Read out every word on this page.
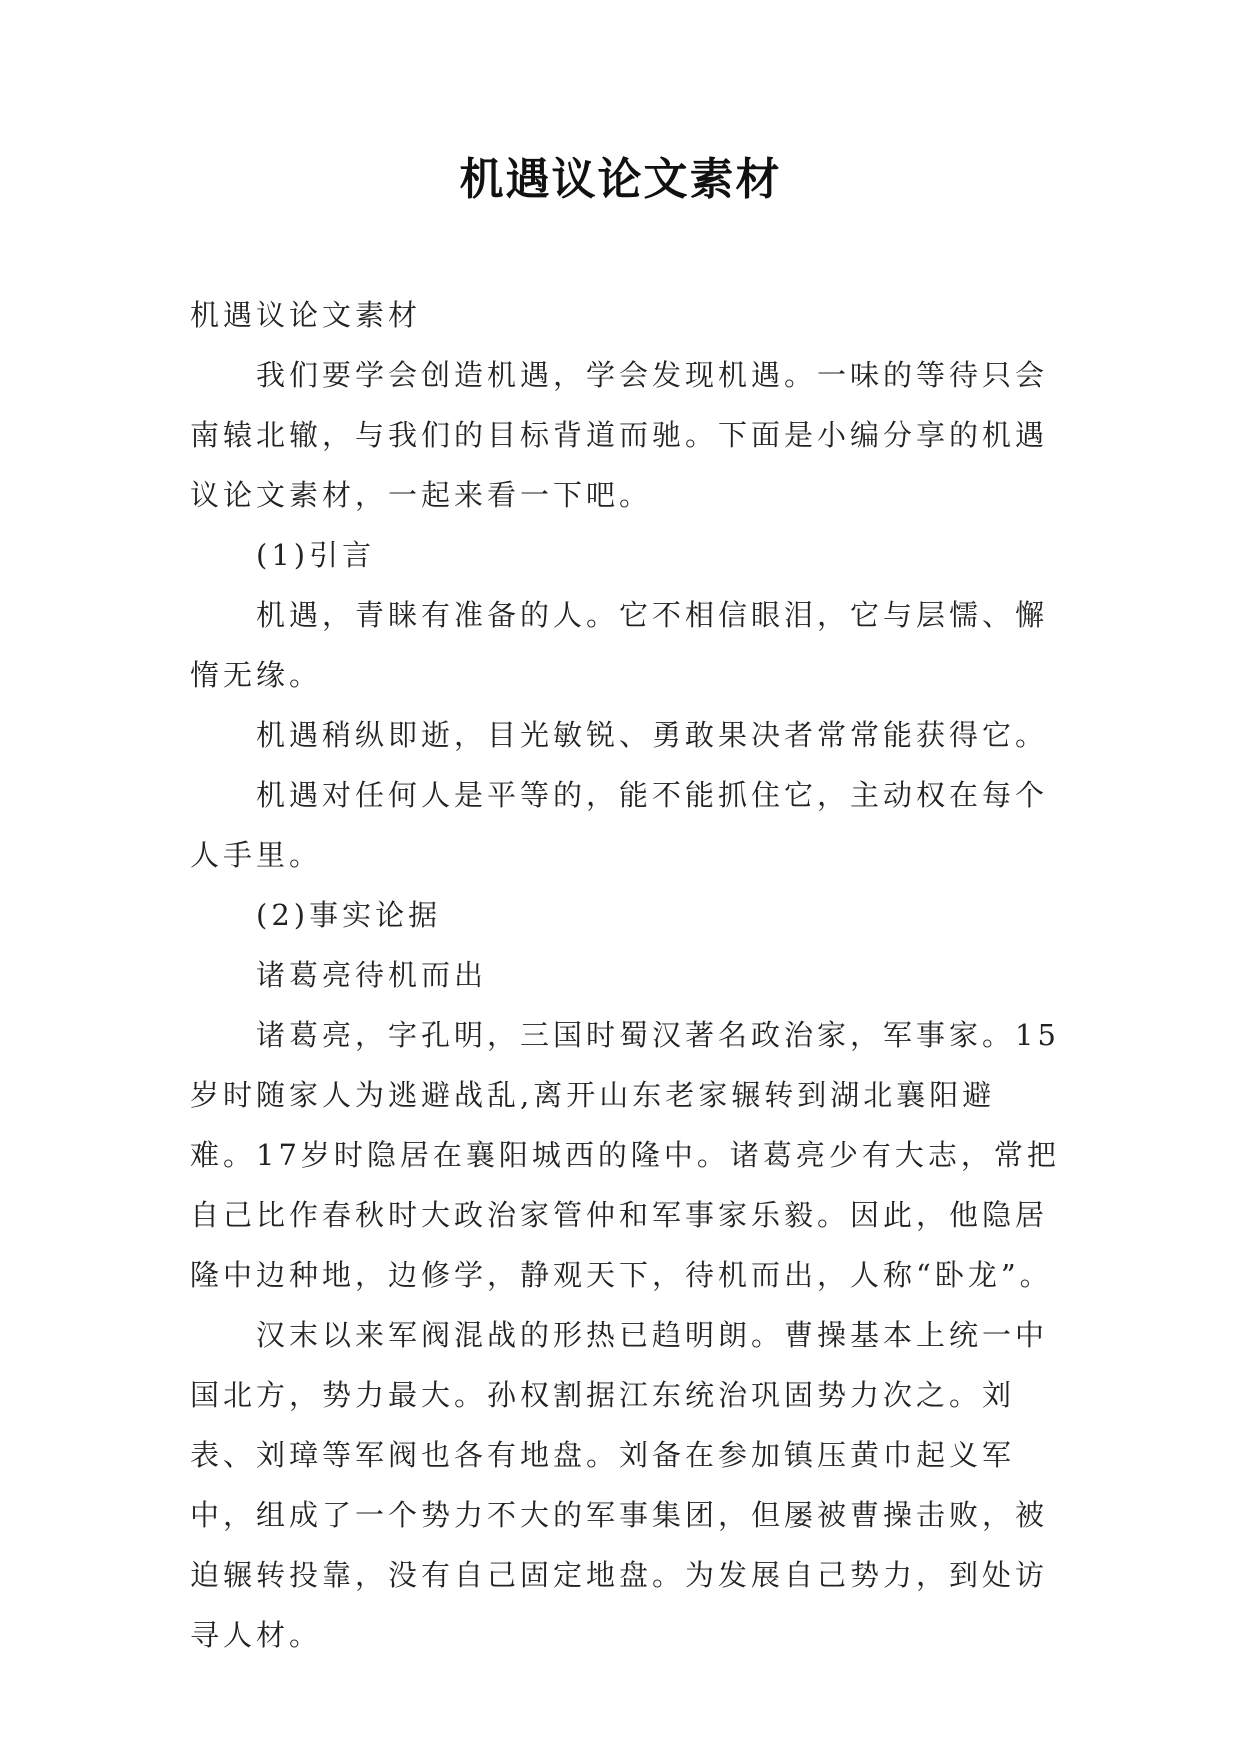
机遇议论文素材

机遇议论文素材

我们要学会创造机遇，学会发现机遇。一味的等待只会南辕北辙，与我们的目标背道而驰。下面是小编分享的机遇议论文素材，一起来看一下吧。

(1)引言

机遇，青睐有准备的人。它不相信眼泪，它与层懦、懈惰无缘。

机遇稍纵即逝，目光敏锐、勇敢果决者常常能获得它。

机遇对任何人是平等的，能不能抓住它，主动权在每个人手里。

(2)事实论据

诸葛亮待机而出

诸葛亮，字孔明，三国时蜀汉著名政治家，军事家。15岁时随家人为逃避战乱,离开山东老家辗转到湖北襄阳避难。17岁时隐居在襄阳城西的隆中。诸葛亮少有大志，常把自己比作春秋时大政治家管仲和军事家乐毅。因此，他隐居隆中边种地，边修学，静观天下，待机而出，人称“卧龙”。

汉末以来军阀混战的形热已趋明朗。曹操基本上统一中国北方，势力最大。孙权割据江东统治巩固势力次之。刘表、刘璋等军阀也各有地盘。刘备在参加镇压黄巾起义军中，组成了一个势力不大的军事集团，但屡被曹操击败，被迫辗转投靠，没有自己固定地盘。为发展自己势力，到处访寻人材。
